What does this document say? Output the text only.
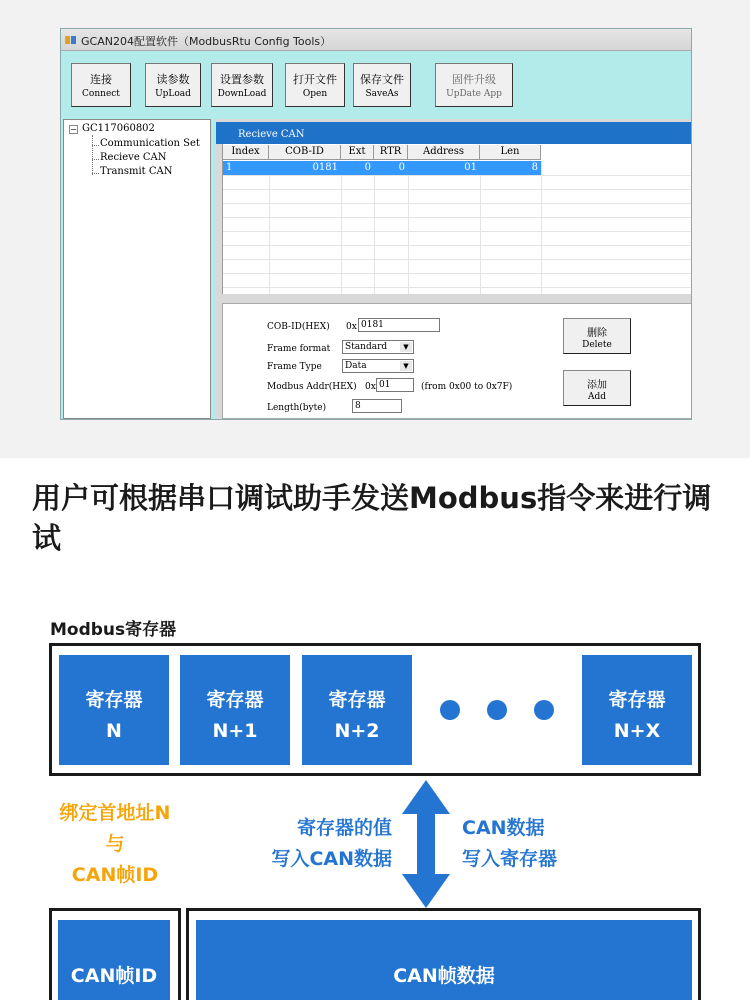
GCAN204配置软件（ModbusRtu Config Tools）
连接
Connect
读参数
UpLoad
设置参数
DownLoad
打开文件
Open
保存文件
SaveAs
固件升级
UpDate App
− GC117060802
Communication Set
Recieve CAN
Transmit CAN
Recieve CAN
Index	COB-ID	Ext	RTR	Address	Len
1	0181	0	0	01	8
COB-ID(HEX) 0x 0181
Frame format	Standard	▼
Frame Type	Data	▼
Modbus Addr(HEX) 0x 01	(from 0x00 to 0x7F)
Length(byte)	8
删除
Delete
添加
Add
用户可根据串口调试助手发送Modbus指令来进行调试
Modbus寄存器
寄存器
N
寄存器
N+1
寄存器
N+2
寄存器
N+X
绑定首地址N
与
CAN帧ID
寄存器的值
写入CAN数据
CAN数据
写入寄存器
CAN帧ID	CAN帧数据
